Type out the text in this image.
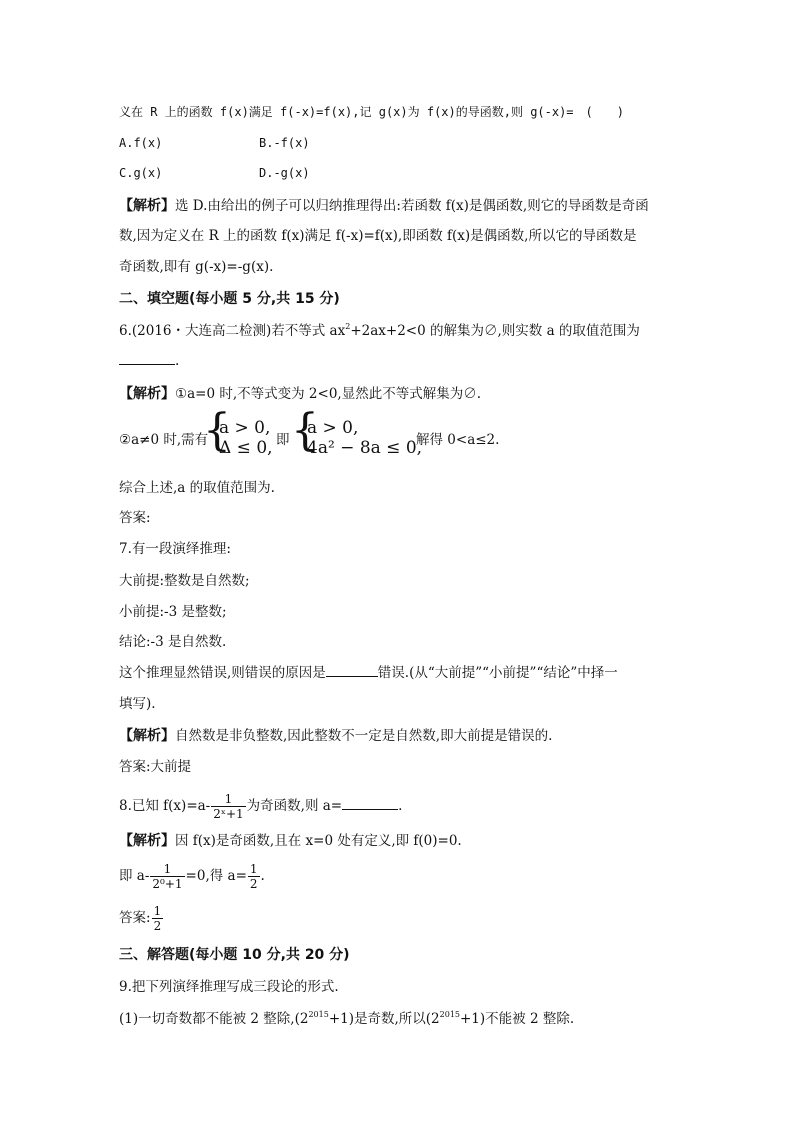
义在 R 上的函数 f(x)满足 f(-x)=f(x),记 g(x)为 f(x)的导函数,则 g(-x)=　(　　)
A.f(x)	B.-f(x)
C.g(x)	D.-g(x)
【解析】选 D.由给出的例子可以归纳推理得出:若函数 f(x)是偶函数,则它的导函数是奇函
数,因为定义在 R 上的函数 f(x)满足 f(-x)=f(x),即函数 f(x)是偶函数,所以它的导函数是
奇函数,即有 g(-x)=-g(x).
二、填空题(每小题 5 分,共 15 分)
6.(2016・大连高二检测)若不等式 $ax^2+2ax+2<0$ 的解集为∅,则实数 a 的取值范围为
.
【解析】①a=0 时,不等式变为 2<0,显然此不等式解集为∅.
②a≠0 时,需有
{
a > 0,
Δ ≤ 0, 即 {
a > 0,
4a² − 8a ≤ 0,
解得 0<a≤2.
综合上述,a 的取值范围为.
答案:
7.有一段演绎推理:
大前提:整数是自然数;
小前提:-3 是整数;
结论:-3 是自然数.
这个推理显然错误,则错误的原因是	错误.(从“大前提”“小前提”“结论”中择一
填写).
【解析】自然数是非负整数,因此整数不一定是自然数,即大前提是错误的.
答案:大前提
8.已知 $f(x)=a- \frac{1}{\text{2ˣ+1}}$ 为奇函数,则 a=	.
【解析】因 f(x)是奇函数,且在 x=0 处有定义,即 f(0)=0.
即 $a- \frac{1}{\text{2⁰+1}} =0$,得 $a= \frac{1}{2}$ .
答案: $\frac{1}{2}$
三、解答题(每小题 10 分,共 20 分)
9.把下列演绎推理写成三段论的形式.
(1)一切奇数都不能被 2 整除$,(2^{2015}+1)$是奇数,所以$(2^{2015}+1)$不能被 2 整除.
